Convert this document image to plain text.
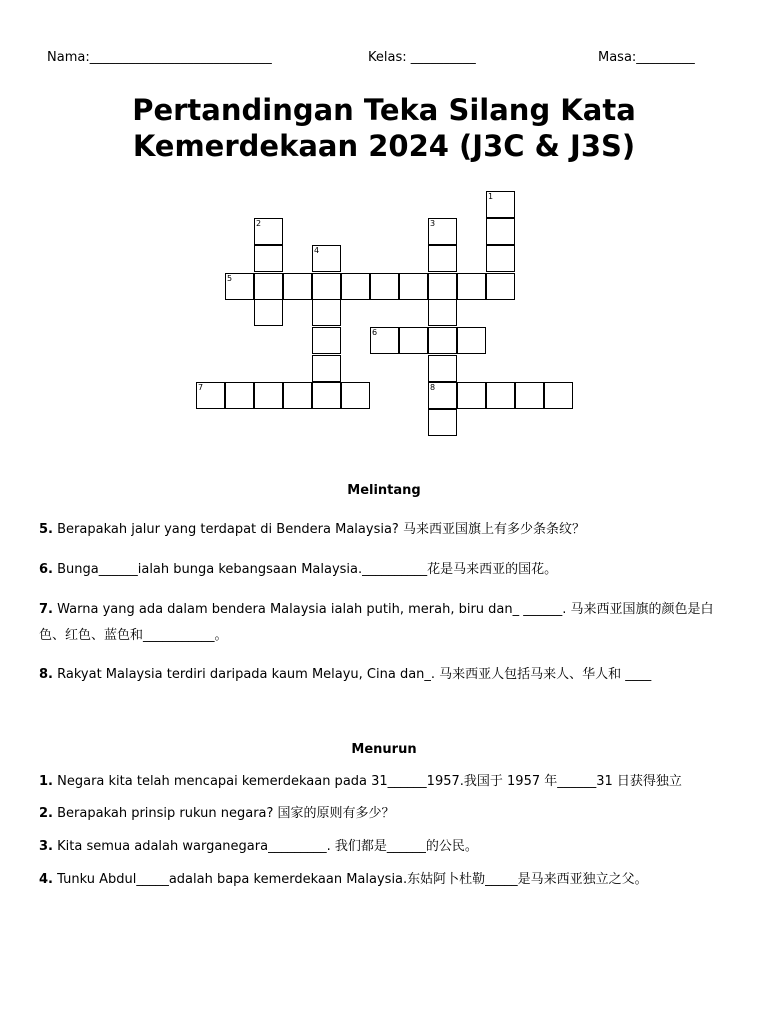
Nama:____________________________	Kelas: __________	Masa:_________
Pertandingan Teka Silang Kata
Kemerdekaan 2024 (J3C & J3S)
1
2	3
4
5
6
7	8
Melintang
5. Berapakah jalur yang terdapat di Bendera Malaysia? 马来西亚国旗上有多少条条纹？
6. Bunga______ialah bunga kebangsaan Malaysia.__________花是马来西亚的国花。
7. Warna yang ada dalam bendera Malaysia ialah putih, merah, biru dan_ ______. 马来西亚国旗的颜色是白色、红色、蓝色和___________。
8. Rakyat Malaysia terdiri daripada kaum Melayu, Cina dan_. 马来西亚人包括马来人、华人和 ____
Menurun
1. Negara kita telah mencapai kemerdekaan pada 31______1957.我国于 1957 年______31 日获得独立
2. Berapakah prinsip rukun negara? 国家的原则有多少？
3. Kita semua adalah warganegara_________. 我们都是______的公民。
4. Tunku Abdul_____adalah bapa kemerdekaan Malaysia.东姑阿卜杜勒_____是马来西亚独立之父。
